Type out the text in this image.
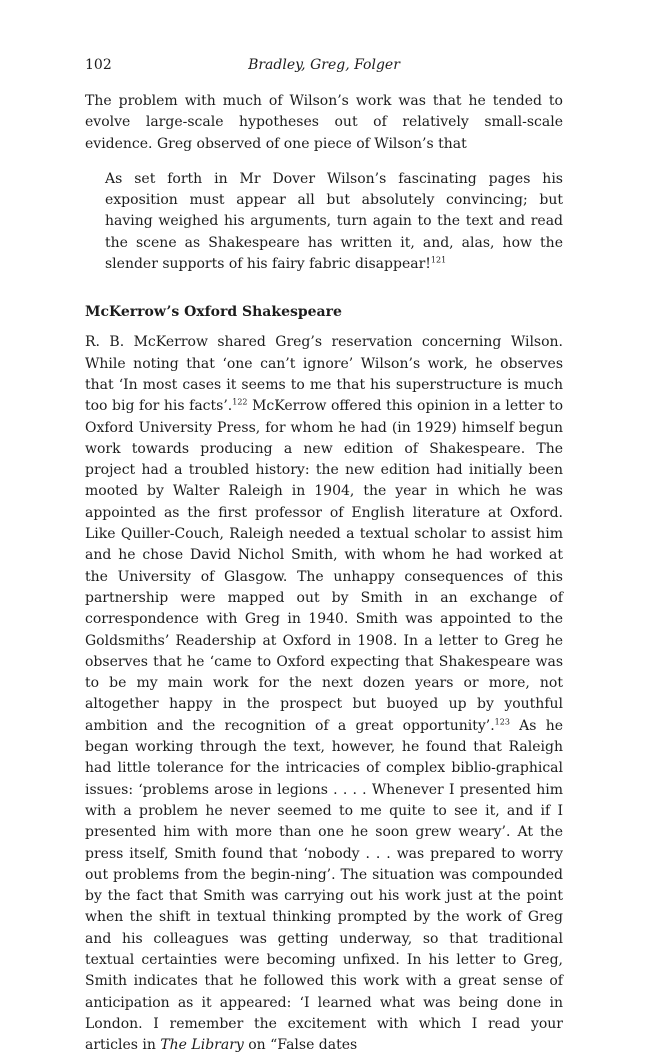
102	Bradley, Greg, Folger

The problem with much of Wilson’s work was that he tended to evolve large-scale hypotheses out of relatively small-scale evidence. Greg observed of one piece of Wilson’s that

As set forth in Mr Dover Wilson’s fascinating pages his exposition must appear all but absolutely convincing; but having weighed his arguments, turn again to the text and read the scene as Shakespeare has written it, and, alas, how the slender supports of his fairy fabric disappear!$^{121}$

McKerrow’s Oxford Shakespeare

R. B. McKerrow shared Greg’s reservation concerning Wilson. While noting that ‘one can’t ignore’ Wilson’s work, he observes that ‘In most cases it seems to me that his superstructure is much too big for his facts’.$^{122}$ McKerrow offered this opinion in a letter to Oxford University Press, for whom he had (in 1929) himself begun work towards producing a new edition of Shakespeare. The project had a troubled history: the new edition had initially been mooted by Walter Raleigh in 1904, the year in which he was appointed as the first professor of English literature at Oxford. Like Quiller-Couch, Raleigh needed a textual scholar to assist him and he chose David Nichol Smith, with whom he had worked at the University of Glasgow. The unhappy consequences of this partnership were mapped out by Smith in an exchange of correspondence with Greg in 1940. Smith was appointed to the Goldsmiths’ Readership at Oxford in 1908. In a letter to Greg he observes that he ‘came to Oxford expecting that Shakespeare was to be my main work for the next dozen years or more, not altogether happy in the prospect but buoyed up by youthful ambition and the recognition of a great opportunity’.$^{123}$ As he began working through the text, however, he found that Raleigh had little tolerance for the intricacies of complex biblio-graphical issues: ‘problems arose in legions . . . . Whenever I presented him with a problem he never seemed to me quite to see it, and if I presented him with more than one he soon grew weary’. At the press itself, Smith found that ‘nobody . . . was prepared to worry out problems from the begin-ning’. The situation was compounded by the fact that Smith was carrying out his work just at the point when the shift in textual thinking prompted by the work of Greg and his colleagues was getting underway, so that traditional textual certainties were becoming unfixed. In his letter to Greg, Smith indicates that he followed this work with a great sense of anticipation as it appeared: ‘I learned what was being done in London. I remember the excitement with which I read your articles in The Library on “False dates
